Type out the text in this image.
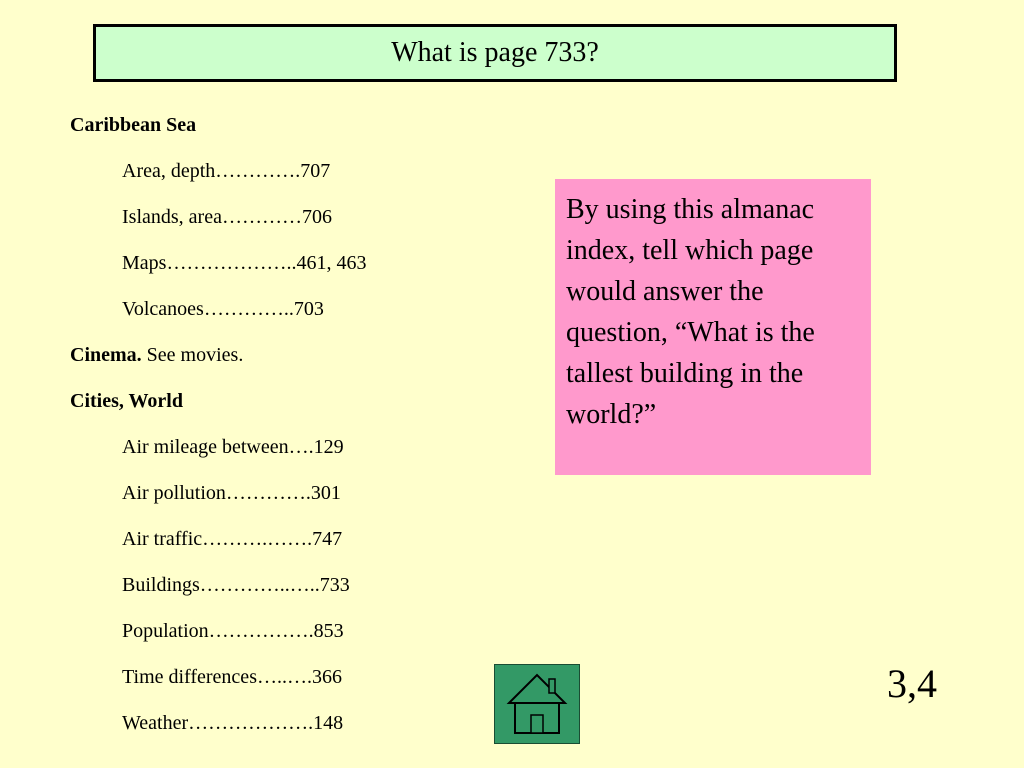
What is page 733?
Caribbean Sea
Area, depth………….707
Islands, area…………706
Maps………………..461, 463
Volcanoes…………..703
Cinema. See movies.
Cities, World
Air mileage between….129
Air pollution………….301
Air traffic……….…….747
Buildings…………..…..733
Population…………….853
Time differences…..….366
Weather……………….148
By using this almanac index, tell which page would answer the question, “What is the tallest building in the world?”
3,4
